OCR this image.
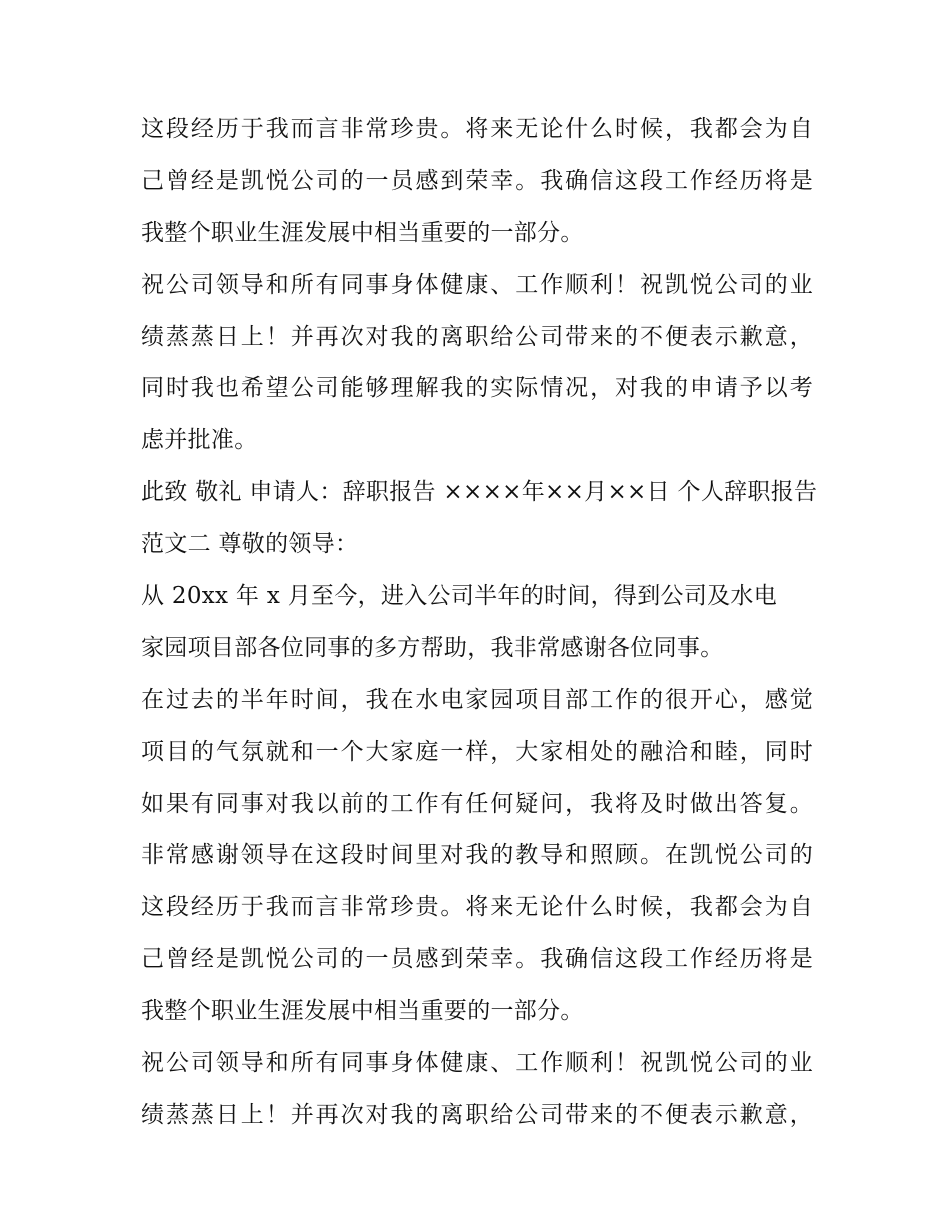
这段经历于我而言非常珍贵。将来无论什么时候，我都会为自
己曾经是凯悦公司的一员感到荣幸。我确信这段工作经历将是
我整个职业生涯发展中相当重要的一部分。
祝公司领导和所有同事身体健康、工作顺利！祝凯悦公司的业
绩蒸蒸日上！并再次对我的离职给公司带来的不便表示歉意，
同时我也希望公司能够理解我的实际情况，对我的申请予以考
虑并批准。
此致 敬礼 申请人：辞职报告 ××××年××月××日 个人辞职报告
范文二 尊敬的领导：
从 20xx 年 x 月至今，进入公司半年的时间，得到公司及水电
家园项目部各位同事的多方帮助，我非常感谢各位同事。
在过去的半年时间，我在水电家园项目部工作的很开心，感觉
项目的气氛就和一个大家庭一样，大家相处的融洽和睦，同时
如果有同事对我以前的工作有任何疑问，我将及时做出答复。
非常感谢领导在这段时间里对我的教导和照顾。在凯悦公司的
这段经历于我而言非常珍贵。将来无论什么时候，我都会为自
己曾经是凯悦公司的一员感到荣幸。我确信这段工作经历将是
我整个职业生涯发展中相当重要的一部分。
祝公司领导和所有同事身体健康、工作顺利！祝凯悦公司的业
绩蒸蒸日上！并再次对我的离职给公司带来的不便表示歉意，
